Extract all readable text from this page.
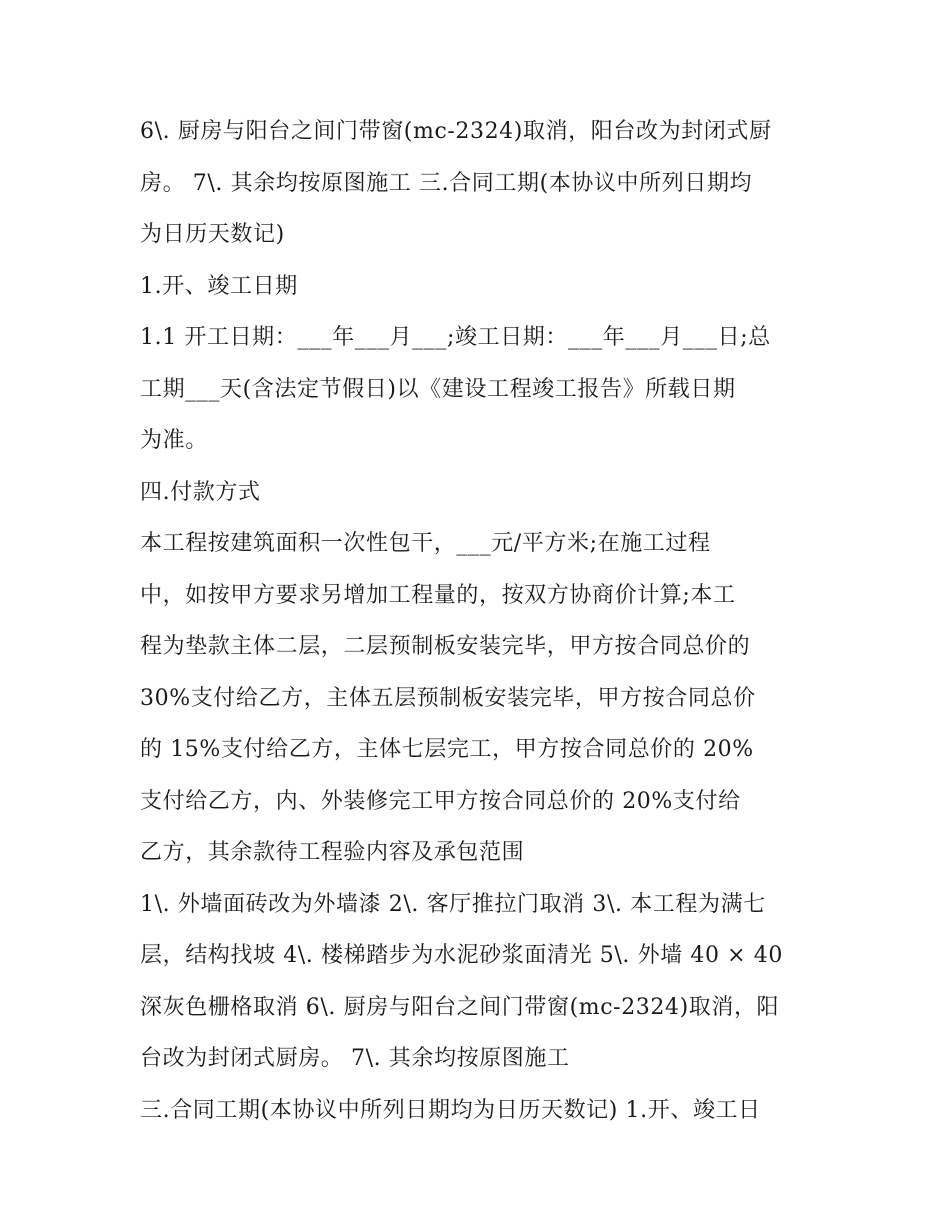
6\. 厨房与阳台之间门带窗(mc-2324)取消，阳台改为封闭式厨
房。 7\. 其余均按原图施工 三.合同工期(本协议中所列日期均
为日历天数记)
1.开、竣工日期
1.1 开工日期：___年___月___;竣工日期：___年___月___日;总
工期___天(含法定节假日)以《建设工程竣工报告》所载日期
为准。
四.付款方式
本工程按建筑面积一次性包干，___元/平方米;在施工过程
中，如按甲方要求另增加工程量的，按双方协商价计算;本工
程为垫款主体二层，二层预制板安装完毕，甲方按合同总价的
30%支付给乙方，主体五层预制板安装完毕，甲方按合同总价
的 15%支付给乙方，主体七层完工，甲方按合同总价的 20%
支付给乙方，内、外装修完工甲方按合同总价的 20%支付给
乙方，其余款待工程验内容及承包范围
1\. 外墙面砖改为外墙漆 2\. 客厅推拉门取消 3\. 本工程为满七
层，结构找坡 4\. 楼梯踏步为水泥砂浆面清光 5\. 外墙 40 × 40
深灰色栅格取消 6\. 厨房与阳台之间门带窗(mc-2324)取消，阳
台改为封闭式厨房。 7\. 其余均按原图施工
三.合同工期(本协议中所列日期均为日历天数记) 1.开、竣工日
